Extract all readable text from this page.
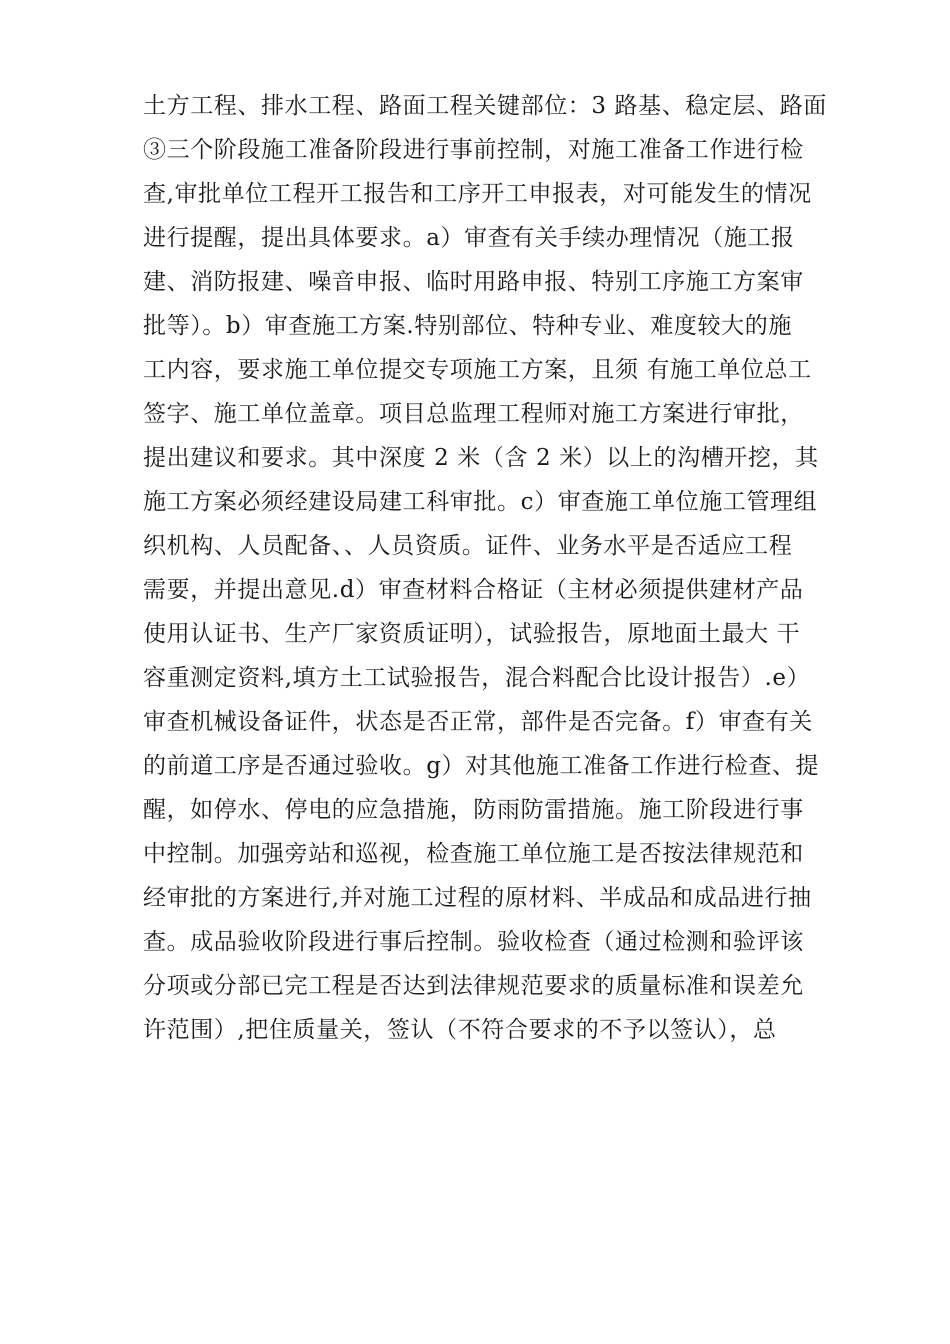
土方工程、排水工程、路面工程关键部位：3 路基、稳定层、路面
③三个阶段施工准备阶段进行事前控制，对施工准备工作进行检
查,审批单位工程开工报告和工序开工申报表，对可能发生的情况
进行提醒，提出具体要求。a）审查有关手续办理情况（施工报
建、消防报建、噪音申报、临时用路申报、特别工序施工方案审
批等）。b）审查施工方案.特别部位、特种专业、难度较大的施
工内容，要求施工单位提交专项施工方案，且须 有施工单位总工
签字、施工单位盖章。项目总监理工程师对施工方案进行审批，
提出建议和要求。其中深度 2 米（含 2 米）以上的沟槽开挖，其
施工方案必须经建设局建工科审批。c）审查施工单位施工管理组
织机构、人员配备、、人员资质。证件、业务水平是否适应工程
需要，并提出意见.d）审查材料合格证（主材必须提供建材产品
使用认证书、生产厂家资质证明），试验报告，原地面土最大 干
容重测定资料,填方土工试验报告，混合料配合比设计报告）.e）
审查机械设备证件，状态是否正常，部件是否完备。f）审查有关
的前道工序是否通过验收。g）对其他施工准备工作进行检查、提
醒，如停水、停电的应急措施，防雨防雷措施。施工阶段进行事
中控制。加强旁站和巡视，检查施工单位施工是否按法律规范和
经审批的方案进行,并对施工过程的原材料、半成品和成品进行抽
查。成品验收阶段进行事后控制。验收检查（通过检测和验评该
分项或分部已完工程是否达到法律规范要求的质量标准和误差允
许范围）,把住质量关，签认（不符合要求的不予以签认），总
